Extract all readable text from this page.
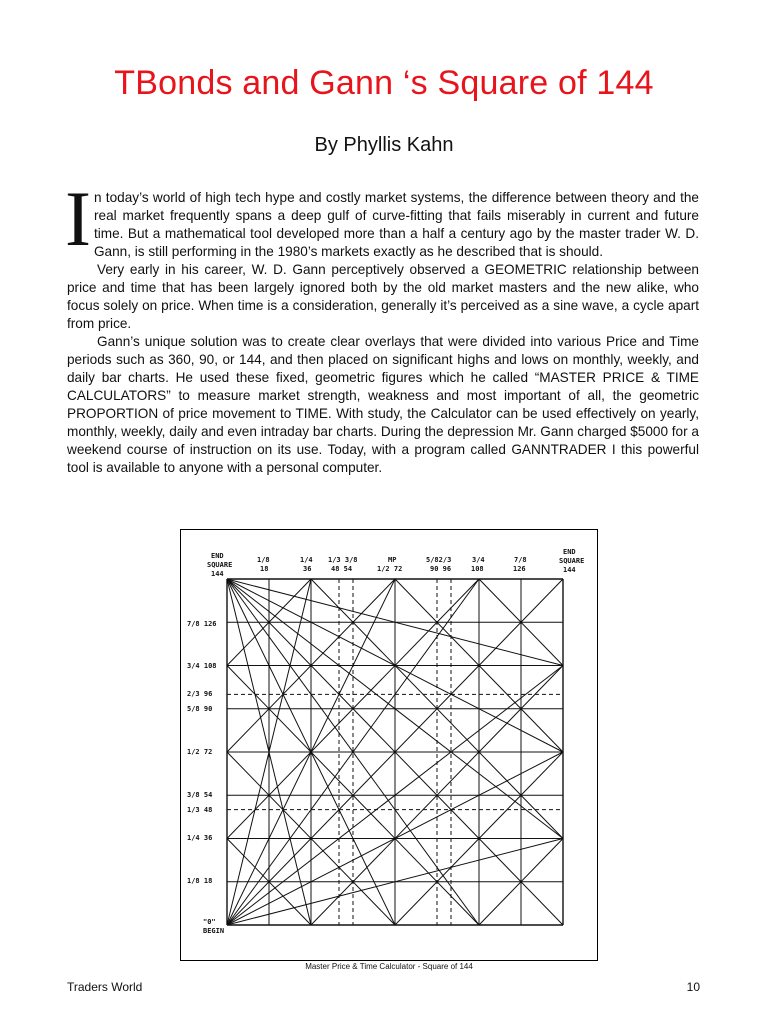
TBonds and Gann ‘s Square of 144
By Phyllis Kahn

In today’s world of high tech hype and costly market systems, the difference between theory and the real market frequently spans a deep gulf of curve-fitting that fails miserably in current and future time. But a mathematical tool developed more than a half a century ago by the master trader W. D. Gann, is still performing in the 1980’s markets exactly as he described that is should.

Very early in his career, W. D. Gann perceptively observed a GEOMETRIC relationship between price and time that has been largely ignored both by the old market masters and the new alike, who focus solely on price. When time is a consideration, generally it’s perceived as a sine wave, a cycle apart from price.

Gann’s unique solution was to create clear overlays that were divided into various Price and Time periods such as 360, 90, or 144, and then placed on significant highs and lows on monthly, weekly, and daily bar charts. He used these fixed, geometric figures which he called “MASTER PRICE & TIME CALCULATORS” to measure market strength, weakness and most important of all, the geometric PROPORTION of price movement to TIME. With study, the Calculator can be used effectively on yearly, monthly, weekly, daily and even intraday bar charts. During the depression Mr. Gann charged $5000 for a weekend course of instruction on its use. Today, with a program called GANNTRADER I this powerful tool is available to anyone with a personal computer.

END
SQUARE
144
1/8
18
1/4
36
1/3 3/8
48 54
MP
1/2 72
5/82/3
90 96
3/4
108
7/8
126
END
SQUARE
144
7/8 126
3/4 108
2/3 96
5/8 90
1/2 72
3/8 54
1/3 48
1/4 36
1/8 18
"0"
BEGIN
Master Price & Time Calculator - Square of 144
Traders World	10
